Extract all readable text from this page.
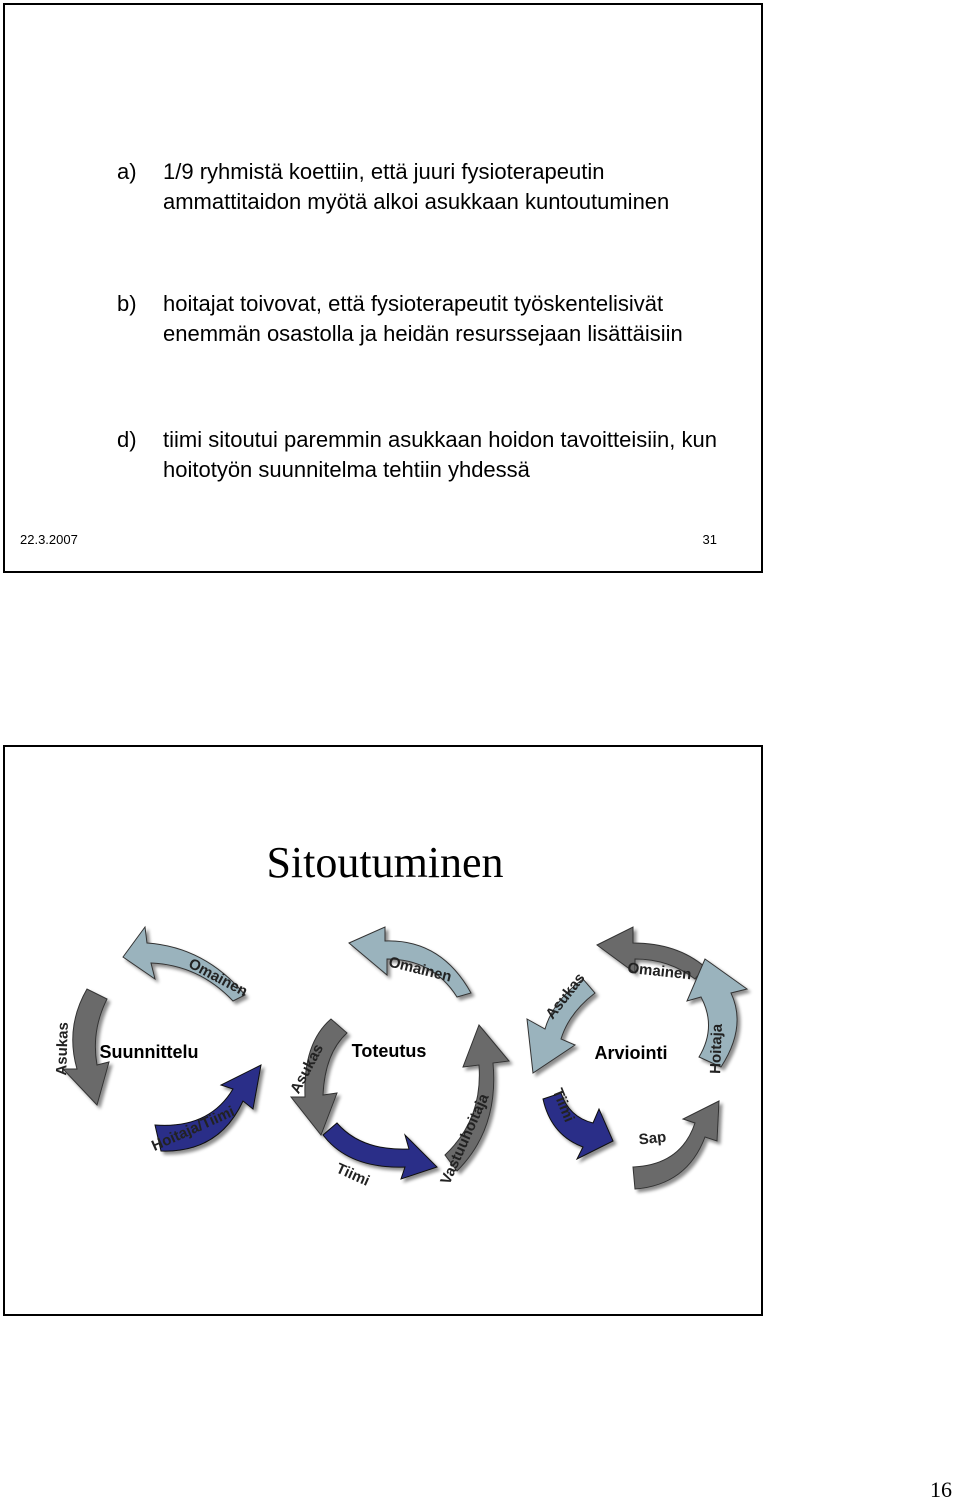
a) 1/9 ryhmistä koettiin, että juuri fysioterapeutin ammattitaidon myötä alkoi asukkaan kuntoutuminen
b) hoitajat toivovat, että fysioterapeutit työskentelisivät enemmän osastolla ja heidän resurssejaan lisättäisiin
d) tiimi sitoutui paremmin asukkaan hoidon tavoitteisiin, kun hoitotyön suunnitelma tehtiin yhdessä
22.3.2007	31
Sitoutuminen
Omainen
Asukas
Hoitaja/Tiimi
Suunnittelu
Omainen
Asukas
Tiimi	Vastuuhoitaja
Toteutus
Omainen
Asukas
Tiimi
Sap
Hoitaja
Arviointi
16
